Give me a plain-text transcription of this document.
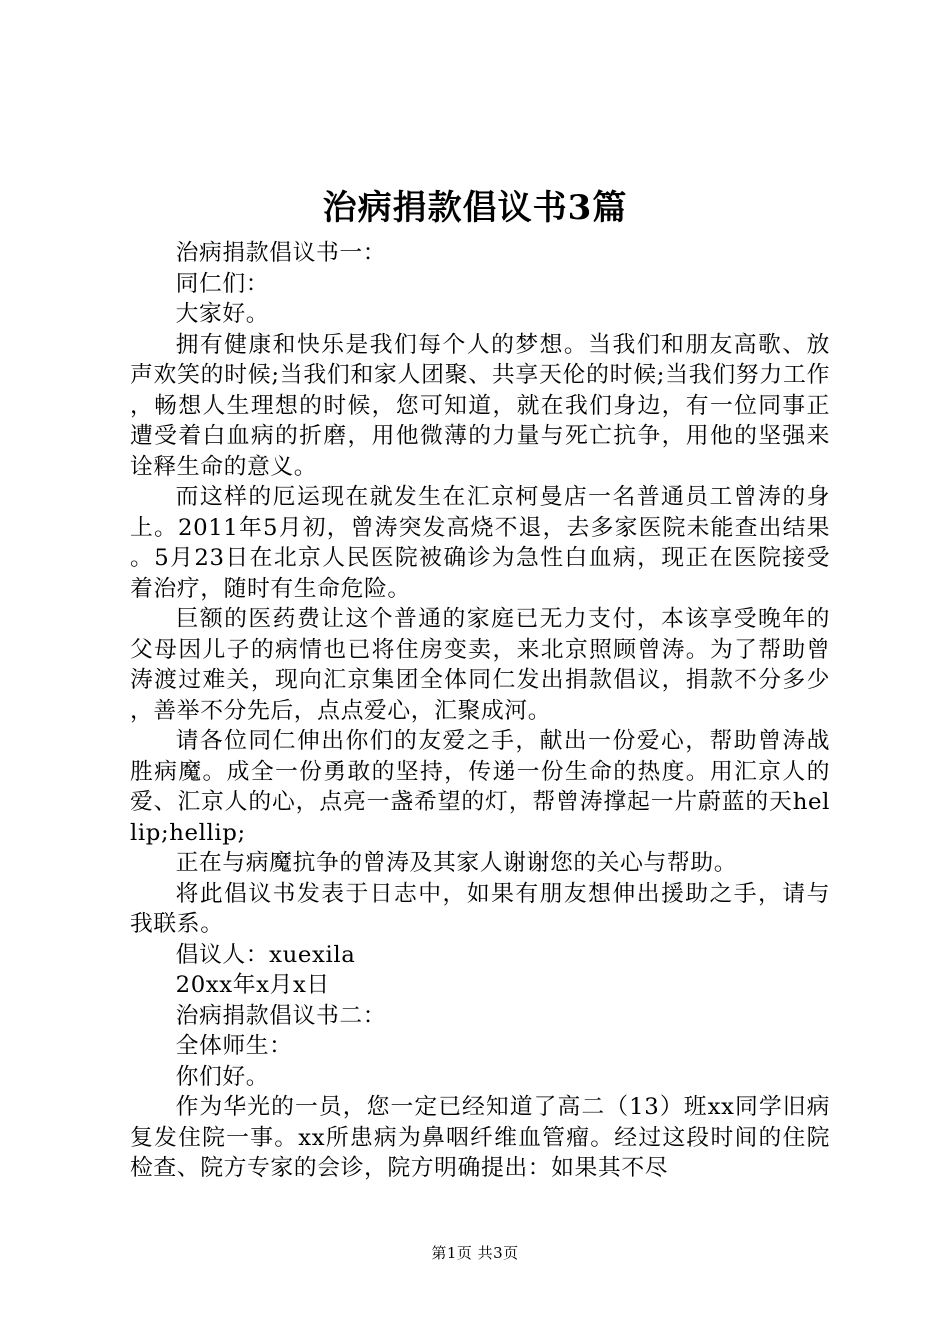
治病捐款倡议书3篇

治病捐款倡议书一：

同仁们：

大家好。

拥有健康和快乐是我们每个人的梦想。当我们和朋友高歌、放声欢笑的时候;当我们和家人团聚、共享天伦的时候;当我们努力工作，畅想人生理想的时候，您可知道，就在我们身边，有一位同事正遭受着白血病的折磨，用他微薄的力量与死亡抗争，用他的坚强来诠释生命的意义。

而这样的厄运现在就发生在汇京柯曼店一名普通员工曾涛的身上。2011年5月初，曾涛突发高烧不退，去多家医院未能查出结果。5月23日在北京人民医院被确诊为急性白血病，现正在医院接受着治疗，随时有生命危险。

巨额的医药费让这个普通的家庭已无力支付，本该享受晚年的父母因儿子的病情也已将住房变卖，来北京照顾曾涛。为了帮助曾涛渡过难关，现向汇京集团全体同仁发出捐款倡议，捐款不分多少，善举不分先后，点点爱心，汇聚成河。

请各位同仁伸出你们的友爱之手，献出一份爱心，帮助曾涛战胜病魔。成全一份勇敢的坚持，传递一份生命的热度。用汇京人的爱、汇京人的心，点亮一盏希望的灯，帮曾涛撑起一片蔚蓝的天hellip;hellip;

正在与病魔抗争的曾涛及其家人谢谢您的关心与帮助。

将此倡议书发表于日志中，如果有朋友想伸出援助之手，请与我联系。

倡议人：xuexila

20xx年x月x日

治病捐款倡议书二：

全体师生：

你们好。

作为华光的一员，您一定已经知道了高二（13）班xx同学旧病复发住院一事。xx所患病为鼻咽纤维血管瘤。经过这段时间的住院检查、院方专家的会诊，院方明确提出：如果其不尽

第1页 共3页
